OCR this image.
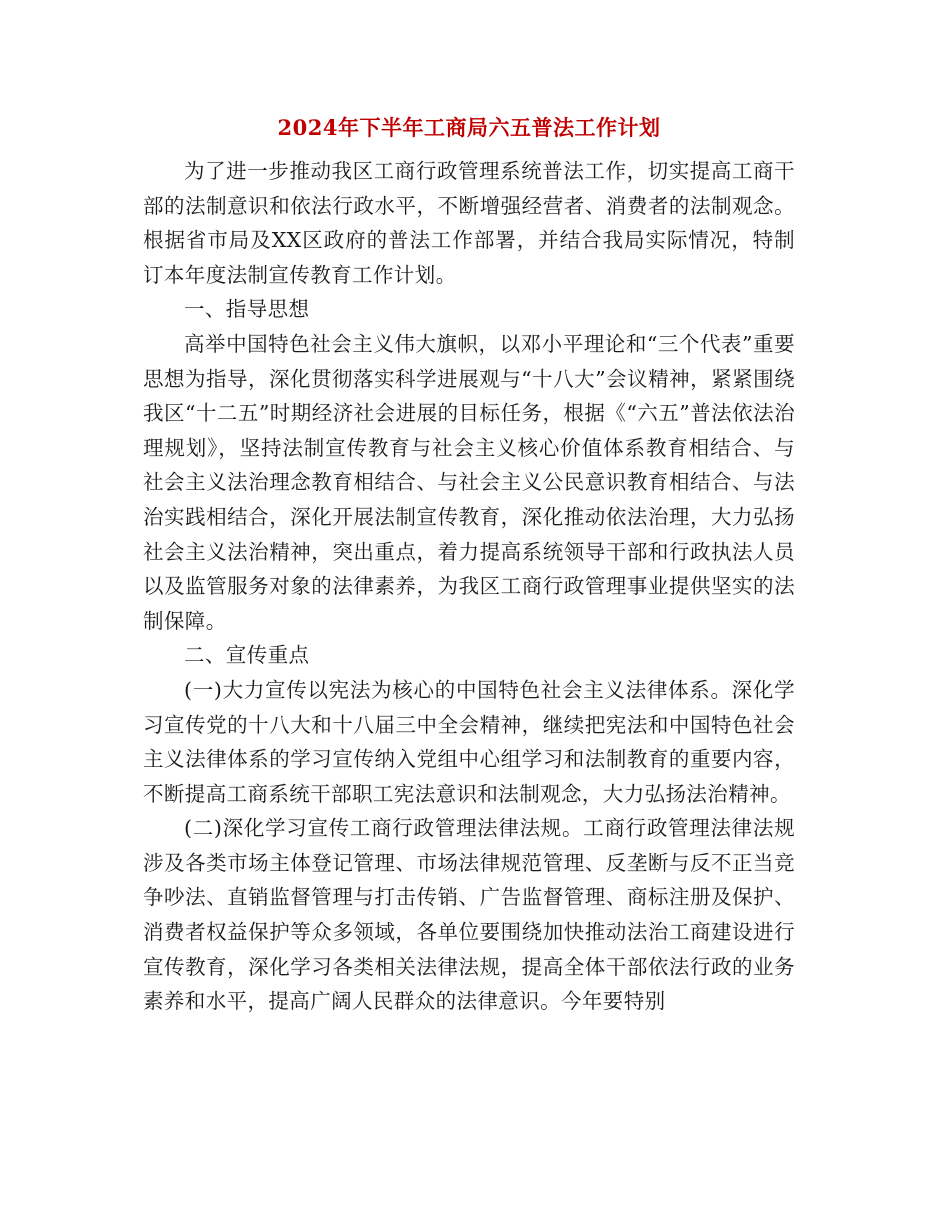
2024年下半年工商局六五普法工作计划

为了进一步推动我区工商行政管理系统普法工作，切实提高工商干部的法制意识和依法行政水平，不断增强经营者、消费者的法制观念。根据省市局及XX区政府的普法工作部署，并结合我局实际情况，特制订本年度法制宣传教育工作计划。

一、指导思想

高举中国特色社会主义伟大旗帜，以邓小平理论和“三个代表”重要思想为指导，深化贯彻落实科学进展观与“十八大”会议精神，紧紧围绕我区“十二五”时期经济社会进展的目标任务，根据《“六五”普法依法治理规划》，坚持法制宣传教育与社会主义核心价值体系教育相结合、与社会主义法治理念教育相结合、与社会主义公民意识教育相结合、与法治实践相结合，深化开展法制宣传教育，深化推动依法治理，大力弘扬社会主义法治精神，突出重点，着力提高系统领导干部和行政执法人员以及监管服务对象的法律素养，为我区工商行政管理事业提供坚实的法制保障。

二、宣传重点

(一)大力宣传以宪法为核心的中国特色社会主义法律体系。深化学习宣传党的十八大和十八届三中全会精神，继续把宪法和中国特色社会主义法律体系的学习宣传纳入党组中心组学习和法制教育的重要内容，不断提高工商系统干部职工宪法意识和法制观念，大力弘扬法治精神。

(二)深化学习宣传工商行政管理法律法规。工商行政管理法律法规涉及各类市场主体登记管理、市场法律规范管理、反垄断与反不正当竞争吵法、直销监督管理与打击传销、广告监督管理、商标注册及保护、消费者权益保护等众多领域，各单位要围绕加快推动法治工商建设进行宣传教育，深化学习各类相关法律法规，提高全体干部依法行政的业务素养和水平，提高广阔人民群众的法律意识。今年要特别
